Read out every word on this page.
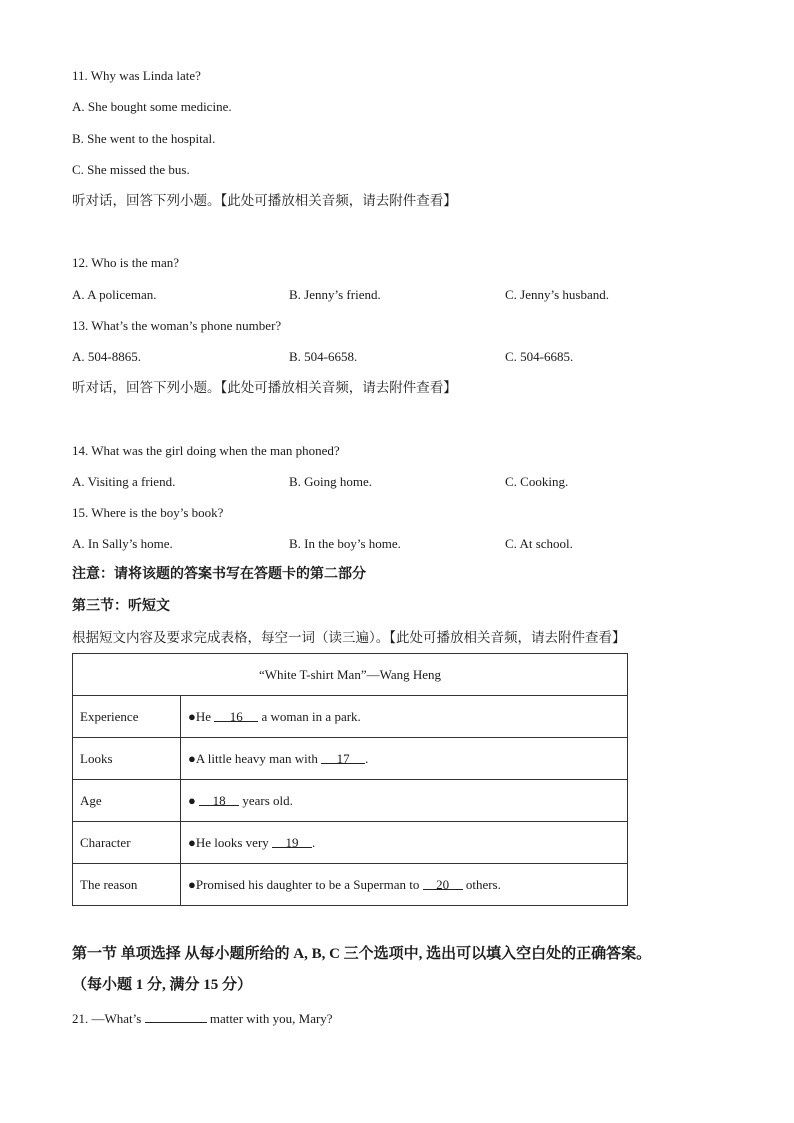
11. Why was Linda late?
A. She bought some medicine.
B. She went to the hospital.
C. She missed the bus.
听对话，回答下列小题。【此处可播放相关音频，请去附件查看】
12. Who is the man?
A. A policeman.	B. Jenny’s friend.	C. Jenny’s husband.
13. What’s the woman’s phone number?
A. 504-8865.	B. 504-6658.	C. 504-6685.
听对话，回答下列小题。【此处可播放相关音频，请去附件查看】
14. What was the girl doing when the man phoned?
A. Visiting a friend.	B. Going home.	C. Cooking.
15. Where is the boy’s book?
A. In Sally’s home.	B. In the boy’s home.	C. At school.
注意：请将该题的答案书写在答题卡的第二部分
第三节：听短文
根据短文内容及要求完成表格，每空一词（读三遍）。【此处可播放相关音频，请去附件查看】
“White T-shirt Man”—Wang Heng	
Experience	●He 16 a woman in a park.
Looks	●A little heavy man with 17 .
Age	● 18 years old.
Character	●He looks very 19 .
The reason	●Promised his daughter to be a Superman to 20 others.
第一节 单项选择 从每小题所给的 A, B, C 三个选项中, 选出可以填入空白处的正确答案。
（每小题 1 分, 满分 15 分）
21. —What’s	matter with you, Mary?
